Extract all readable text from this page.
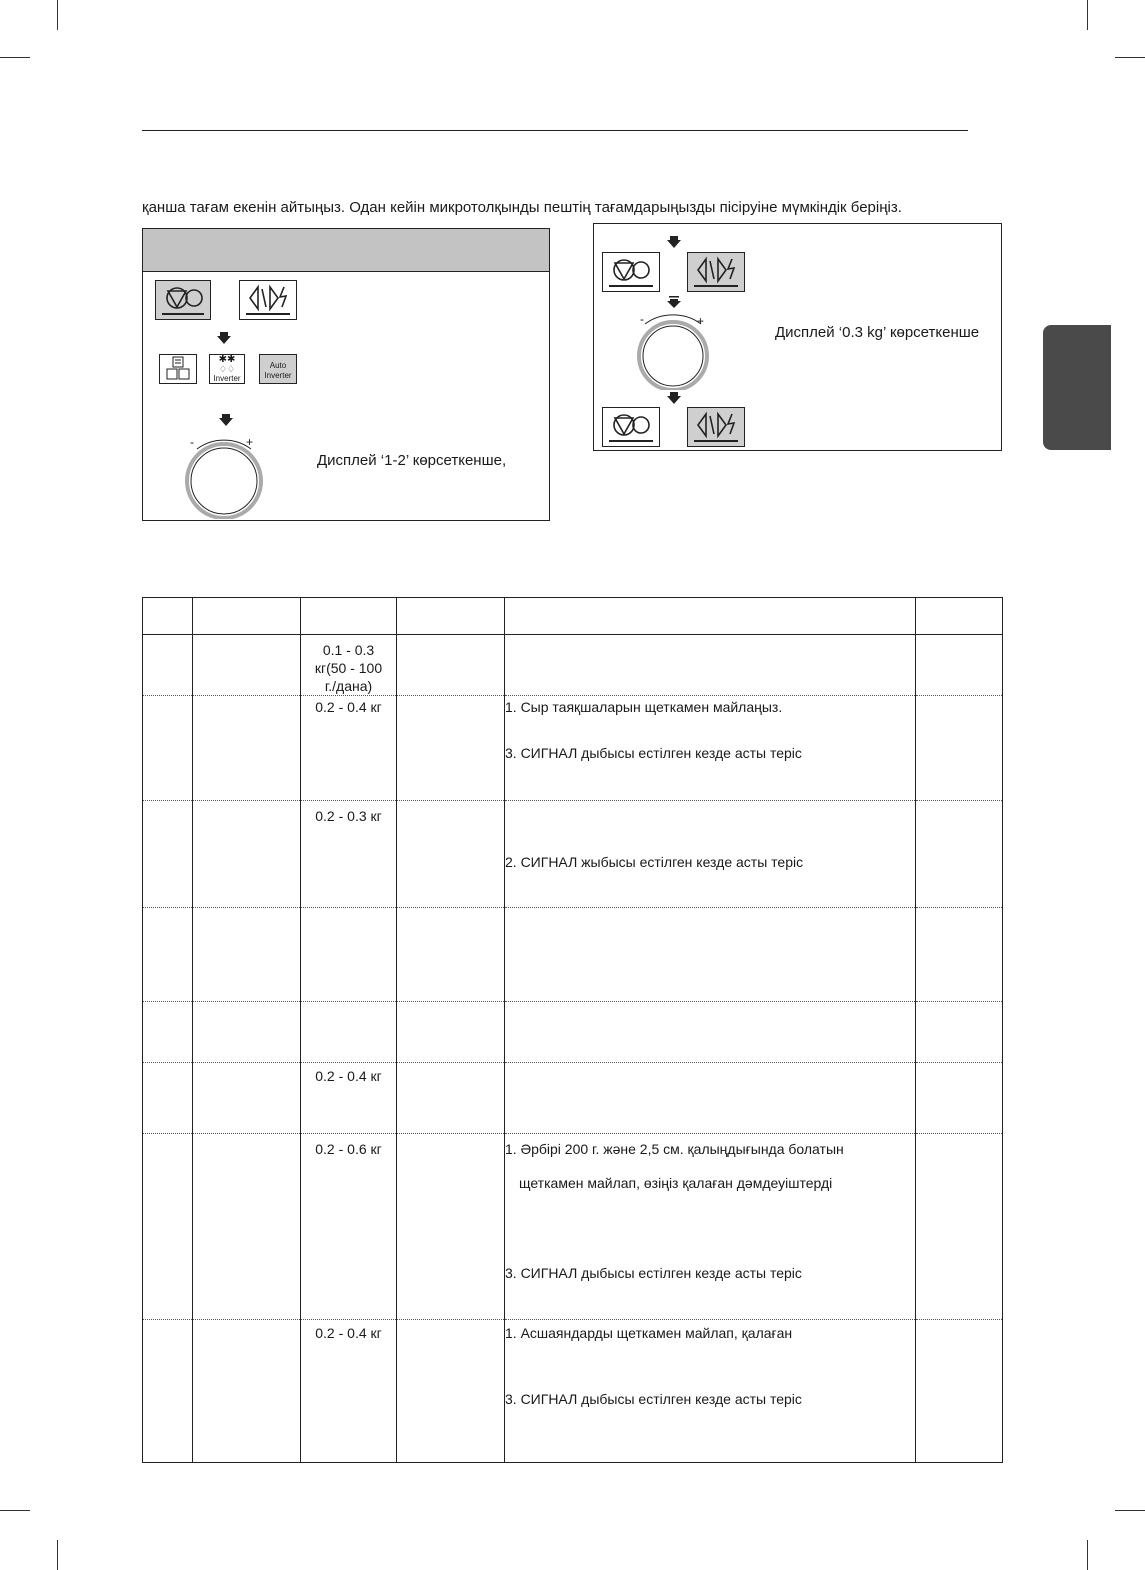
қанша тағам екенін айтыңыз. Одан кейін микротолқынды пештің тағамдарыңызды пісіруіне мүмкіндік беріңіз.
✱✱
♢♢
Inverter
Auto Inverter
-	+
Дисплей ‘1-2’ көрсеткенше,
-	+
Дисплей ‘0.3 kg’ көрсеткенше

		0.1 - 0.3 кг(50 - 100 г./дана)			
		0.2 - 0.4 кг		1. Сыр таяқшаларын щеткамен майлаңыз.

3. СИГНАЛ дыбысы естілген кезде асты теріс	

		0.2 - 0.3 кг		2. СИГНАЛ жыбысы естілген кезде асты теріс	

		0.2 - 0.4 кг			
		0.2 - 0.6 кг		1. Әрбірі 200 г. және 2,5 см. қалыңдығында болатын

щеткамен майлап, өзіңіз қалаған дәмдеуіштерді

3. СИГНАЛ дыбысы естілген кезде асты теріс	

		0.2 - 0.4 кг		1. Асшаяндарды щеткамен майлап, қалаған

3. СИГНАЛ дыбысы естілген кезде асты теріс	
